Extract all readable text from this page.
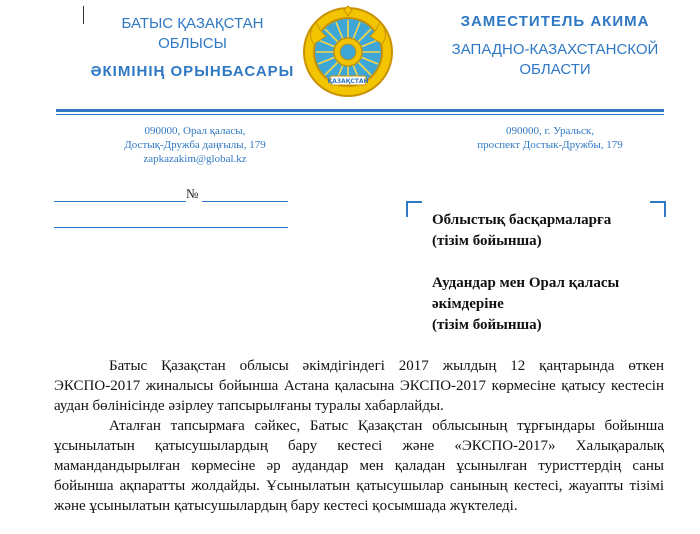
БАТЫС ҚАЗАҚСТАН
ОБЛЫСЫ
ӘКІМІНІҢ ОРЫНБАСАРЫ
ҚАЗАҚСТАН
ЗАМЕСТИТЕЛЬ АКИМА
ЗАПАДНО-КАЗАХСТАНСКОЙ
ОБЛАСТИ
090000, Орал қаласы,
Достық-Дружба даңғылы, 179
zapkazakim@global.kz
090000, г. Уральск,
проспект Достык-Дружбы, 179
№
Облыстық басқармаларға
(тізім бойынша)
Аудандар мен Орал қаласы
әкімдеріне
(тізім бойынша)

Батыс Қазақстан облысы әкімдігіндегі 2017 жылдың 12 қаңтарында өткен ЭКСПО-2017 жиналысы бойынша Астана қаласына ЭКСПО-2017 көрмесіне қатысу кестесін аудан бөлінісінде әзірлеу тапсырылғаны туралы хабарлайды.

Аталған тапсырмаға сәйкес, Батыс Қазақстан облысының тұрғындары бойынша ұсынылатын қатысушылардың бару кестесі және «ЭКСПО-2017» Халықаралық мамандандырылған көрмесіне әр аудандар мен қаладан ұсынылған туристтердің саны бойынша ақпаратты жолдайды. Ұсынылатын қатысушылар санының кестесі, жауапты тізімі және ұсынылатын қатысушылардың бару кестесі қосымшада жүктеледі.
